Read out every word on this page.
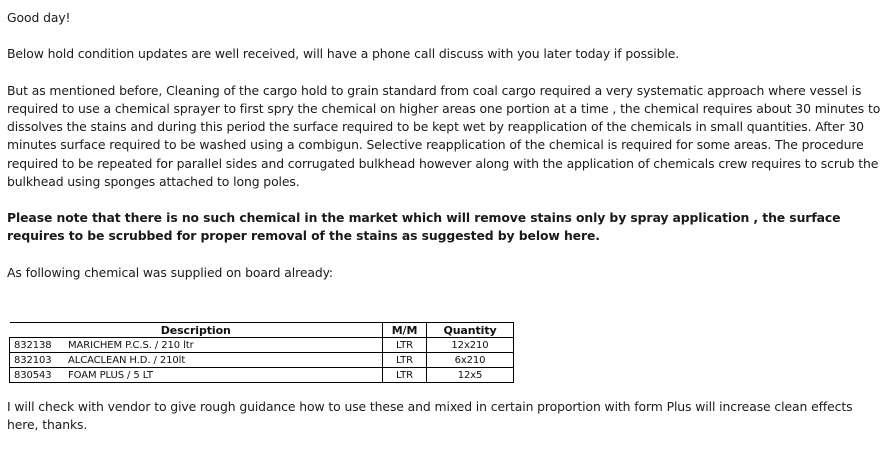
Good day!

Below hold condition updates are well received, will have a phone call discuss with you later today if possible.

But as mentioned before, Cleaning of the cargo hold to grain standard from coal cargo required a very systematic approach where vessel is required to use a chemical sprayer to first spry the chemical on higher areas one portion at a time , the chemical requires about 30 minutes to dissolves the stains and during this period the surface required to be kept wet by reapplication of the chemicals in small quantities. After 30 minutes surface required to be washed using a combigun. Selective reapplication of the chemical is required for some areas. The procedure required to be repeated for parallel sides and corrugated bulkhead however along with the application of chemicals crew requires to scrub the bulkhead using sponges attached to long poles.

Please note that there is no such chemical in the market which will remove stains only by spray application , the surface requires to be scrubbed for proper removal of the stains as suggested by below here.

As following chemical was supplied on board already:

Description		M/M	Quantity
832138	MARICHEM P.C.S. / 210 ltr	LTR	12x210
832103	ALCACLEAN H.D. / 210lt	LTR	6x210
830543	FOAM PLUS / 5 LT	LTR	12x5

I will check with vendor to give rough guidance how to use these and mixed in certain proportion with form Plus will increase clean effects here, thanks.
